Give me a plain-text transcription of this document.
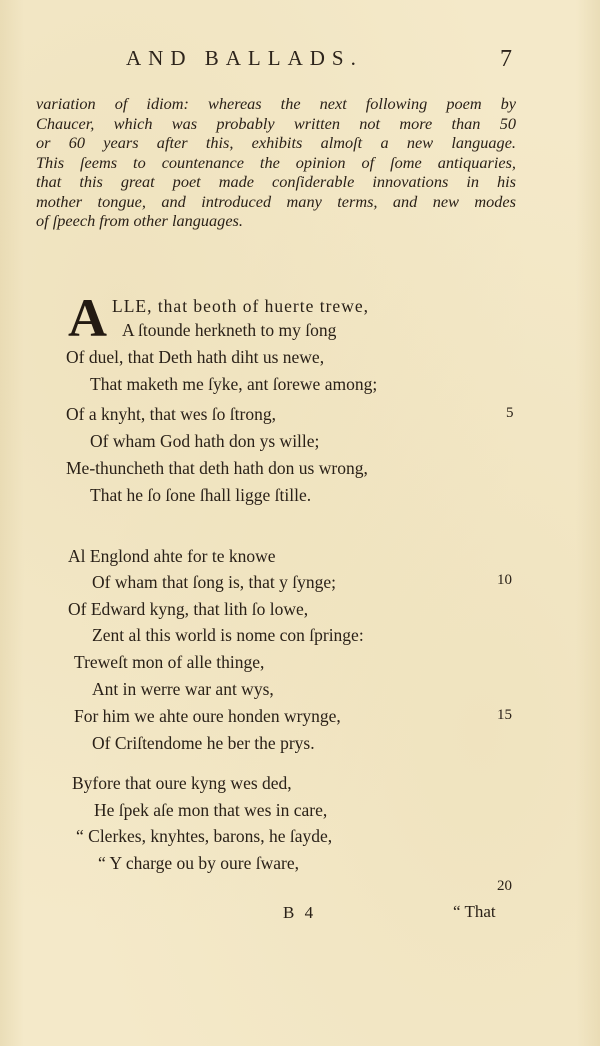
AND BALLADS.	7
variation of idiom: whereas the next following poem by
Chaucer, which was probably written not more than 50
or 60 years after this, exhibits almoſt a new language.
This ſeems to countenance the opinion of ſome antiquaries,
that this great poet made conſiderable innovations in his
mother tongue, and introduced many terms, and new modes
of ſpeech from other languages.
A LLE, that beoth of huerte trewe,
A ſtounde herkneth to my ſong
Of duel, that Deth hath diht us newe,
That maketh me ſyke, ant ſorewe among;
Of a knyht, that wes ſo ſtrong,	5
Of wham God hath don ys wille;
Me-thuncheth that deth hath don us wrong,
That he ſo ſone ſhall ligge ſtille.
Al Englond ahte for te knowe
Of wham that ſong is, that y ſynge;	10
Of Edward kyng, that lith ſo lowe,
Zent al this world is nome con ſpringe:
Treweſt mon of alle thinge,
Ant in werre war ant wys,
For him we ahte oure honden wrynge,	15
Of Criſtendome he ber the prys.
Byfore that oure kyng wes ded,
He ſpek aſe mon that wes in care,
“ Clerkes, knyhtes, barons, he ſayde,
“ Y charge ou by oure ſware,
20
B 4	“ That
